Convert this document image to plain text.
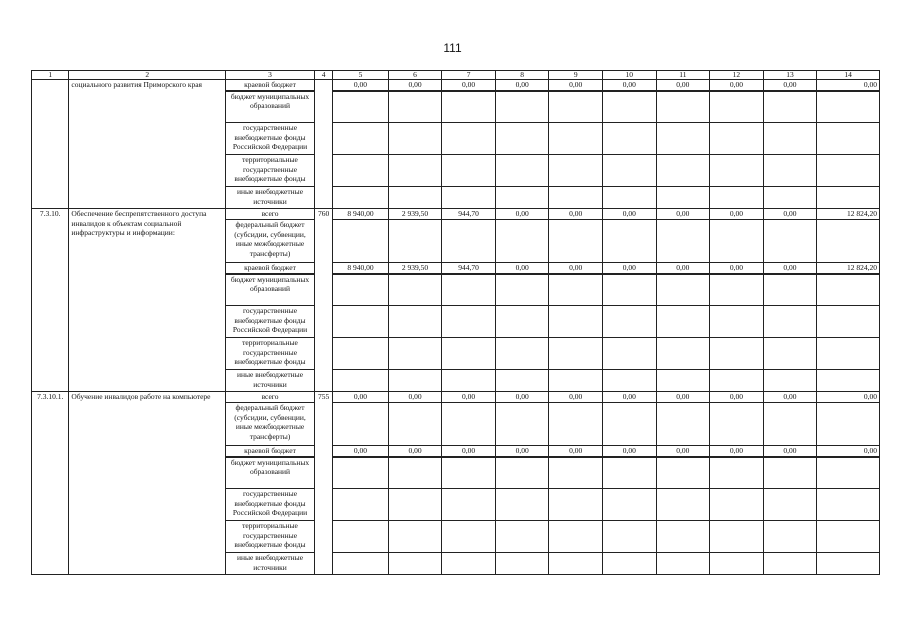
111
1	2	3	4	5	6	7	8	9	10	11	12	13	14
	социального развития Приморского края	краевой бюджет		0,00	0,00	0,00	0,00	0,00	0,00	0,00	0,00	0,00	0,00
		бюджет муниципальных образований											
		государственные внебюджетные фонды Российской Федерации											
		территориальные государственные внебюджетные фонды											
		иные внебюджетные источники											
7.3.10.	Обеспечение беспрепятственного доступа инвалидов к объектам социальной инфраструктуры и информации:	всего	760	8 940,00	2 939,50	944,70	0,00	0,00	0,00	0,00	0,00	0,00	12 824,20
		федеральный бюджет (субсидии, субвенции, иные межбюджетные трансферты)											
		краевой бюджет		8 940,00	2 939,50	944,70	0,00	0,00	0,00	0,00	0,00	0,00	12 824,20
		бюджет муниципальных образований											
		государственные внебюджетные фонды Российской Федерации											
		территориальные государственные внебюджетные фонды											
		иные внебюджетные источники											
7.3.10.1.	Обучение инвалидов работе на компьютере	всего	755	0,00	0,00	0,00	0,00	0,00	0,00	0,00	0,00	0,00	0,00
		федеральный бюджет (субсидии, субвенции, иные межбюджетные трансферты)											
		краевой бюджет		0,00	0,00	0,00	0,00	0,00	0,00	0,00	0,00	0,00	0,00
		бюджет муниципальных образований											
		государственные внебюджетные фонды Российской Федерации											
		территориальные государственные внебюджетные фонды											
		иные внебюджетные источники											
